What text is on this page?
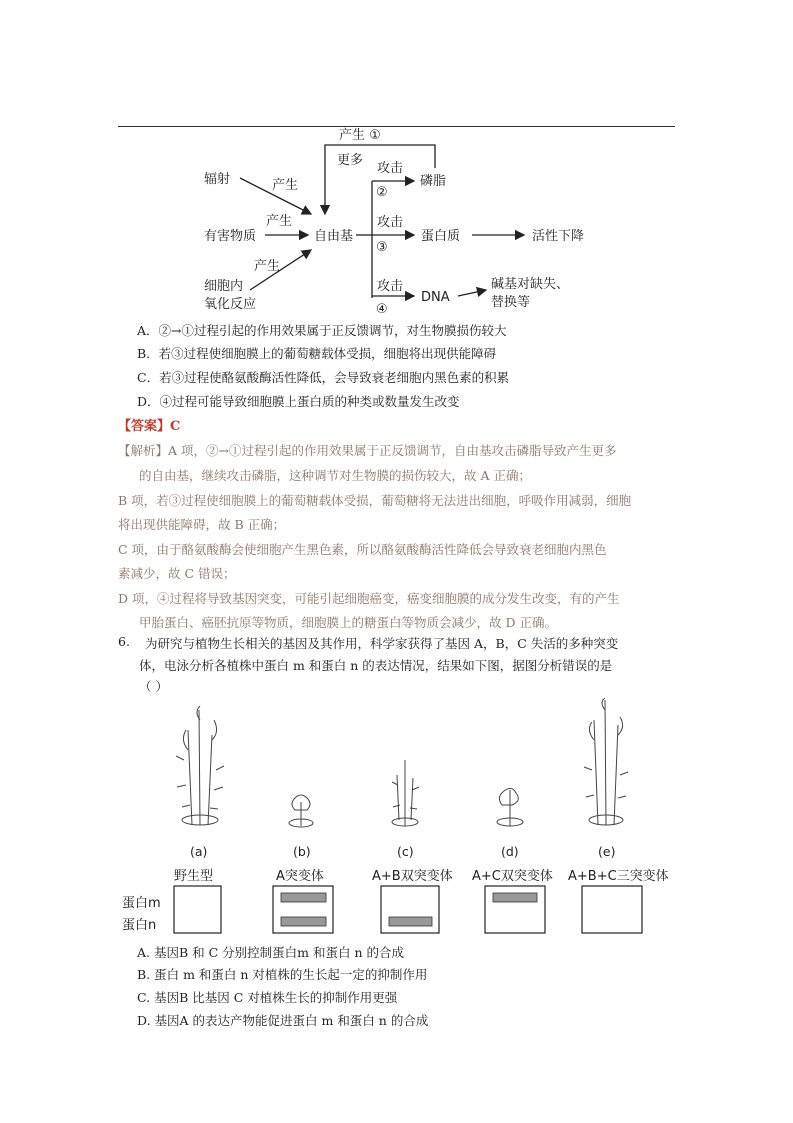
辐射
有害物质
细胞内
氧化反应
产生
产生
产生
自由基
产生 ①
更多
攻击
②
磷脂
攻击
③
蛋白质	活性下降
攻击
④
DNA
碱基对缺失、
替换等
A．②→①过程引起的作用效果属于正反馈调节，对生物膜损伤较大
B．若③过程使细胞膜上的葡萄糖载体受损，细胞将出现供能障碍
C．若③过程使酪氨酸酶活性降低，会导致衰老细胞内黑色素的积累
D．④过程可能导致细胞膜上蛋白质的种类或数量发生改变
【答案】C
【解析】A 项，②→①过程引起的作用效果属于正反馈调节，自由基攻击磷脂导致产生更多
的自由基，继续攻击磷脂，这种调节对生物膜的损伤较大，故 A 正确；
B 项，若③过程使细胞膜上的葡萄糖载体受损，葡萄糖将无法进出细胞，呼吸作用减弱，细胞
将出现供能障碍，故 B 正确；
C 项，由于酪氨酸酶会使细胞产生黑色素，所以酪氨酸酶活性降低会导致衰老细胞内黑色
素减少，故 C 错误；
D 项，④过程将导致基因突变，可能引起细胞癌变，癌变细胞膜的成分发生改变，有的产生
甲胎蛋白、癌胚抗原等物质，细胞膜上的糖蛋白等物质会减少，故 D 正确。
6. 为研究与植物生长相关的基因及其作用，科学家获得了基因 A，B，C 失活的多种突变
体，电泳分析各植株中蛋白 m 和蛋白 n 的表达情况，结果如下图，据图分析错误的是
（ ）
(a)	(b)	(c)	(d)	(e)
野生型	A突变体	A+B双突变体 A+C双突变体 A+B+C三突变体
蛋白m
蛋白n
A. 基因B 和 C 分别控制蛋白m 和蛋白 n 的合成
B. 蛋白 m 和蛋白 n 对植株的生长起一定的抑制作用
C. 基因B 比基因 C 对植株生长的抑制作用更强
D. 基因A 的表达产物能促进蛋白 m 和蛋白 n 的合成
